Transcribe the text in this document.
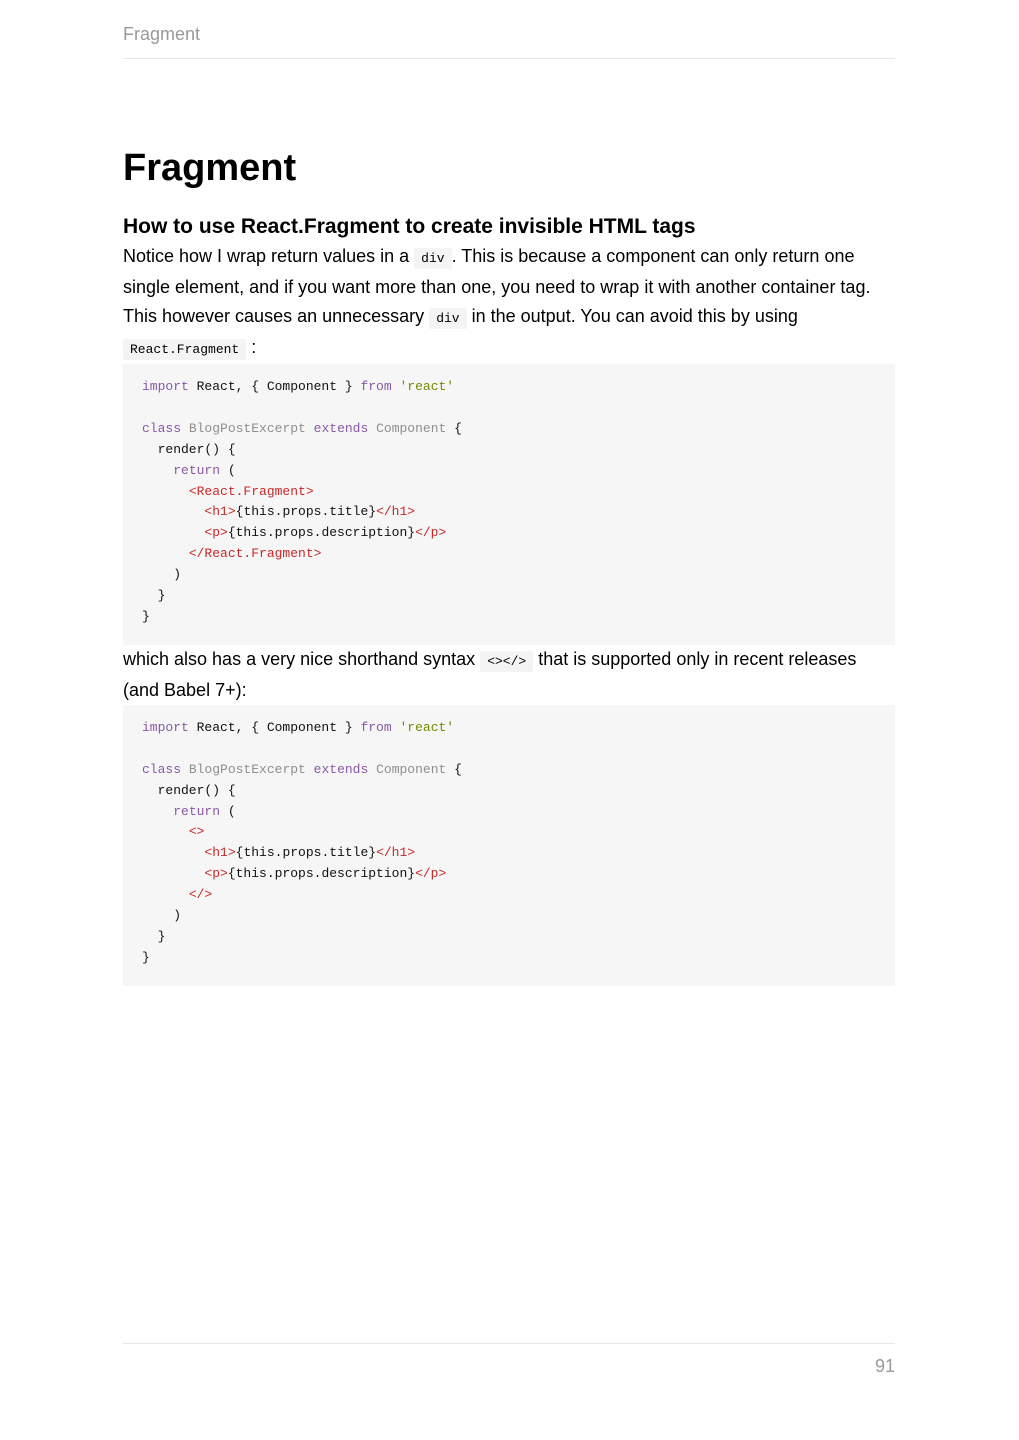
Fragment
Fragment
How to use React.Fragment to create invisible HTML tags

Notice how I wrap return values in a div . This is because a component can only return one single element, and if you want more than one, you need to wrap it with another container tag.

This however causes an unnecessary div in the output. You can avoid this by using React.Fragment :

import React, { Component } from 'react'

class BlogPostExcerpt extends Component {
render() {
return (
<React.Fragment>
<h1>{this.props.title}</h1>
<p>{this.props.description}</p>
</React.Fragment>
)
}
}

which also has a very nice shorthand syntax <></> that is supported only in recent releases (and Babel 7+):

import React, { Component } from 'react'

class BlogPostExcerpt extends Component {
render() {
return (
<>
<h1>{this.props.title}</h1>
<p>{this.props.description}</p>
</>
)
}
}
91
